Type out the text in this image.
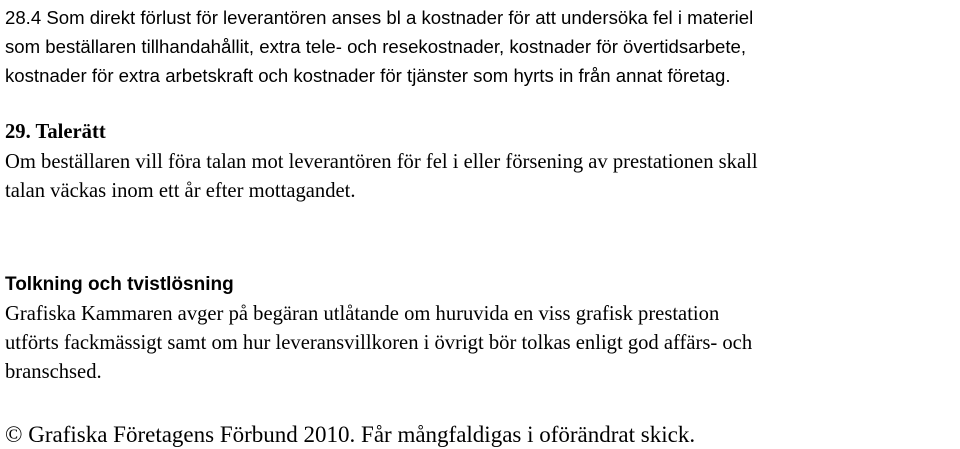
28.4 Som direkt förlust för leverantören anses bl a kostnader för att undersöka fel i materiel
som beställaren tillhandahållit, extra tele- och resekostnader, kostnader för övertidsarbete,
kostnader för extra arbetskraft och kostnader för tjänster som hyrts in från annat företag.
29. Talerätt
Om beställaren vill föra talan mot leverantören för fel i eller försening av prestationen skall
talan väckas inom ett år efter mottagandet.
Tolkning och tvistlösning
Grafiska Kammaren avger på begäran utlåtande om huruvida en viss grafisk prestation
utförts fackmässigt samt om hur leveransvillkoren i övrigt bör tolkas enligt god affärs- och
branschsed.
© Grafiska Företagens Förbund 2010. Får mångfaldigas i oförändrat skick.
